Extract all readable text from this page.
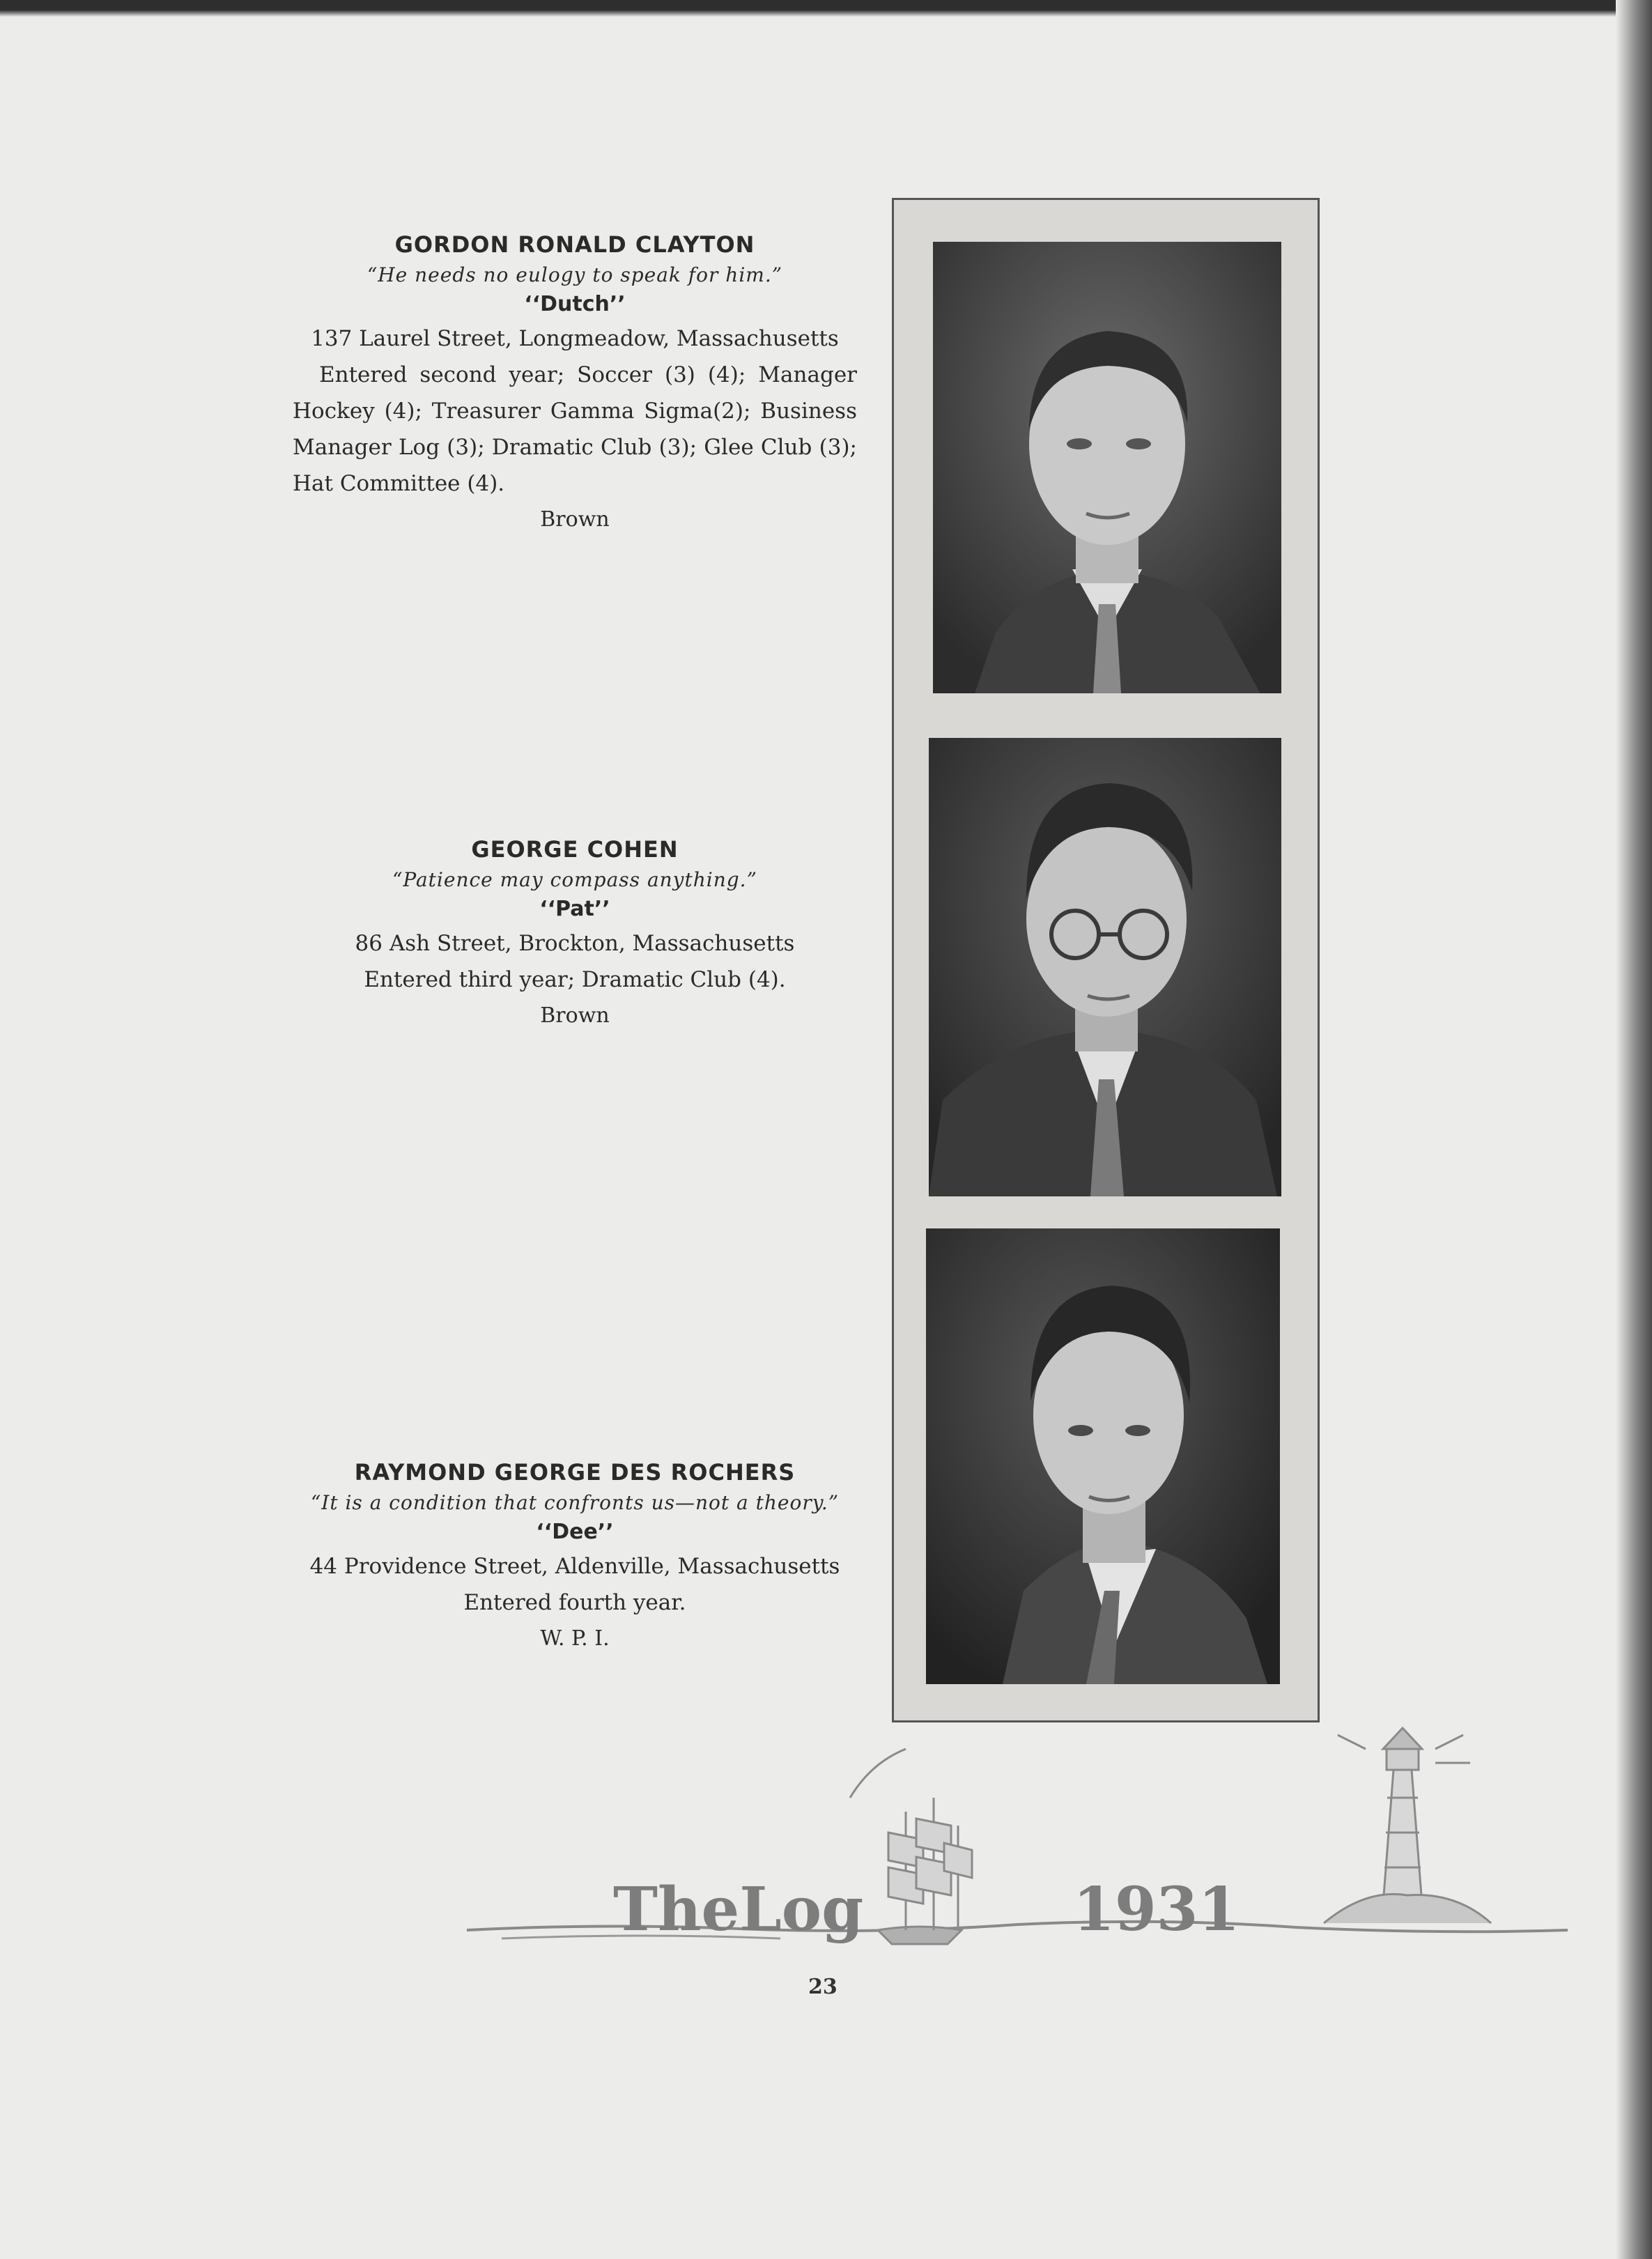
GORDON RONALD CLAYTON
“He needs no eulogy to speak for him.”
‘‘Dutch’’
137 Laurel Street, Longmeadow, Massachusetts
Entered second year; Soccer (3) (4); Manager Hockey (4); Treasurer Gamma Sigma(2); Business Manager Log (3); Dramatic Club (3); Glee Club (3); Hat Committee (4).
Brown
GEORGE COHEN
“Patience may compass anything.”
‘‘Pat’’
86 Ash Street, Brockton, Massachusetts
Entered third year; Dramatic Club (4).
Brown
RAYMOND GEORGE DES ROCHERS
“It is a condition that confronts us—not a theory.”
‘‘Dee’’
44 Providence Street, Aldenville, Massachusetts
Entered fourth year.
W. P. I.
TheLog	1931
23
